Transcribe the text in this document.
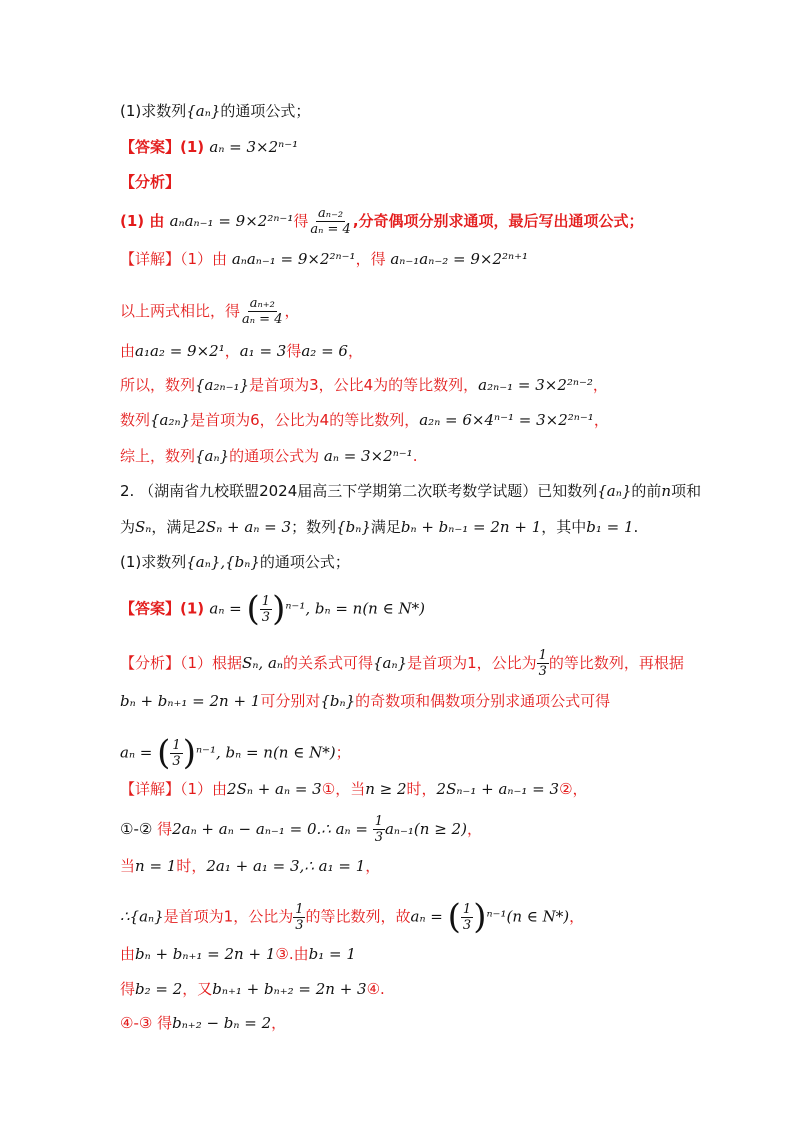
(1)求数列{aₙ}的通项公式；
【答案】(1) aₙ = 3×2ⁿ⁻¹
【分析】
(1) 由 aₙaₙ₋₁ = 9×2²ⁿ⁻¹得 $\frac{\text{aₙ₋₂}}{\text{aₙ = 4}}$ ,分奇偶项分别求通项，最后写出通项公式；
【详解】（1）由 aₙaₙ₋₁ = 9×2²ⁿ⁻¹，得 aₙ₋₁aₙ₋₂ = 9×2²ⁿ⁺¹
以上两式相比，得 $\frac{\text{aₙ₊₂}}{\text{aₙ = 4}}$ ，
由a₁a₂ = 9×2¹，a₁ = 3得a₂ = 6，
所以，数列{a₂ₙ₋₁}是首项为3，公比4为的等比数列，a₂ₙ₋₁ = 3×2²ⁿ⁻²，
数列{a₂ₙ}是首项为6，公比为4的等比数列，a₂ₙ = 6×4ⁿ⁻¹ = 3×2²ⁿ⁻¹，
综上，数列{aₙ}的通项公式为 aₙ = 3×2ⁿ⁻¹.
2. （湖南省九校联盟2024届高三下学期第二次联考数学试题）已知数列{aₙ}的前n项和
为Sₙ，满足2Sₙ + aₙ = 3；数列{bₙ}满足bₙ + bₙ₋₁ = 2n + 1，其中b₁ = 1.
(1)求数列{aₙ},{bₙ}的通项公式；
【答案】(1) aₙ = ( $\frac{1}{3} )^{n-1}$, bₙ = n(n ∈ N*)
【分析】（1）根据Sₙ, aₙ的关系式可得{aₙ}是首项为1，公比为 $\frac{1}{3}$ 的等比数列，再根据
bₙ + bₙ₊₁ = 2n + 1可分别对{bₙ}的奇数项和偶数项分别求通项公式可得
aₙ = ( $\frac{1}{3} )^{n-1}$, bₙ = n(n ∈ N*)；
【详解】（1）由2Sₙ + aₙ = 3①，当n ≥ 2时，2Sₙ₋₁ + aₙ₋₁ = 3②，
①-② 得2aₙ + aₙ − aₙ₋₁ = 0.∴ $a_n = \frac{1}{3} a_{n-1}(n \ge 2)$，
当n = 1时，2a₁ + a₁ = 3,∴ a₁ = 1，
∴{aₙ}是首项为1，公比为 $\frac{1}{3}$ 的等比数列，故aₙ = ( $\frac{1}{3} )^{n-1}(n$ ∈ N*)，
由bₙ + bₙ₊₁ = 2n + 1③.由b₁ = 1
得b₂ = 2，又bₙ₊₁ + bₙ₊₂ = 2n + 3④.
④-③ 得bₙ₊₂ − bₙ = 2，
